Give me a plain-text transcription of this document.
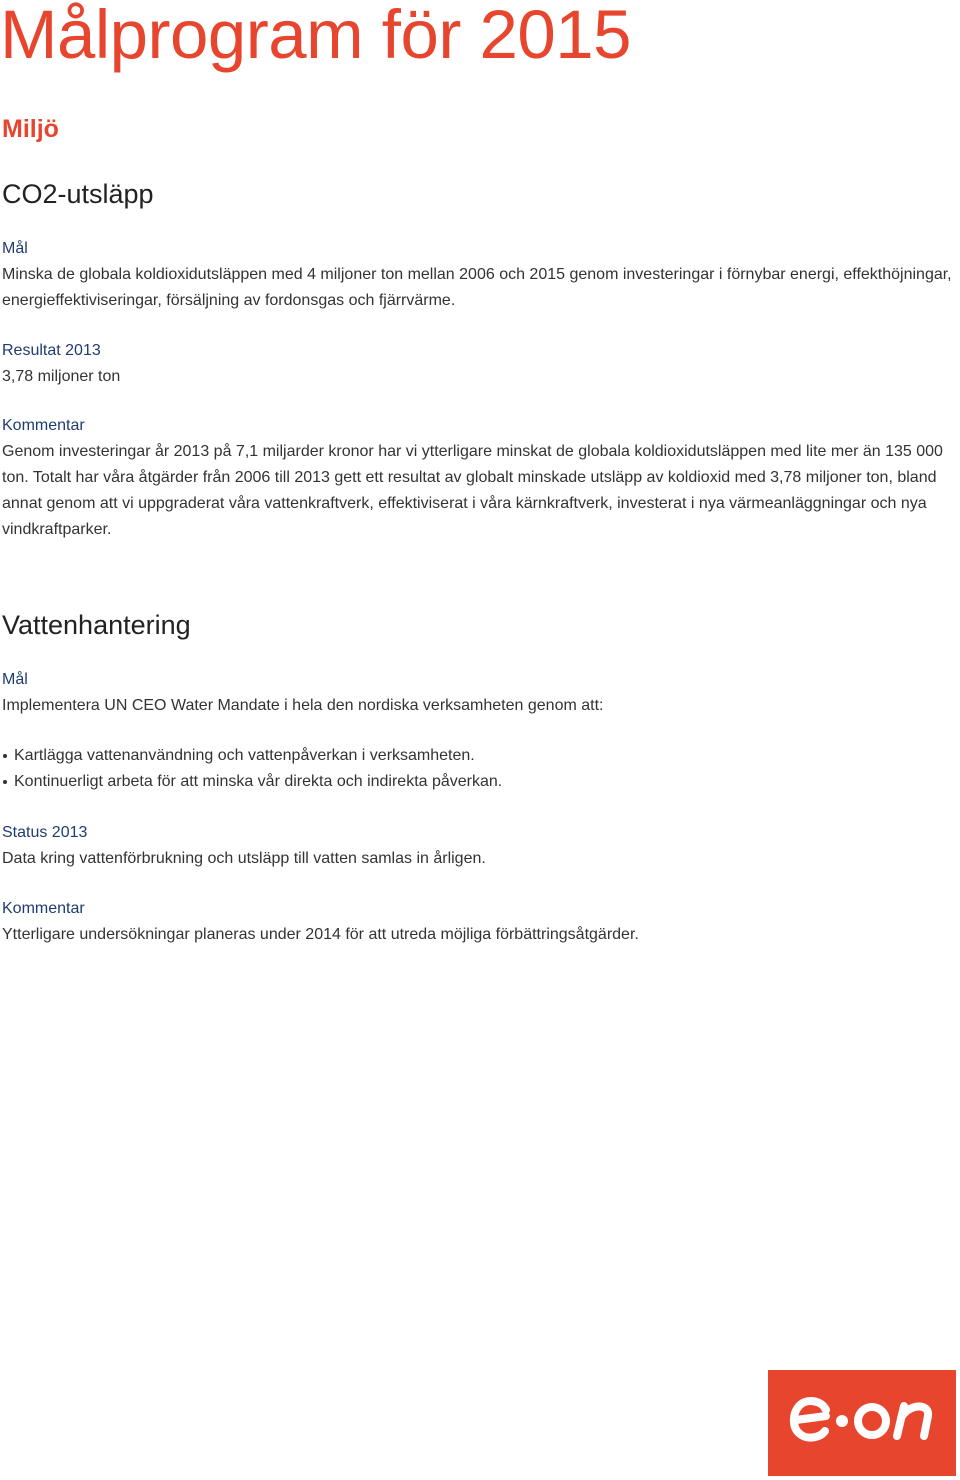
Målprogram för 2015
Miljö
CO2-utsläpp

Mål

Minska de globala koldioxidutsläppen med 4 miljoner ton mellan 2006 och 2015 genom investeringar i förnybar energi, effekthöjningar, energieffektiviseringar, försäljning av fordonsgas och fjärrvärme.

Resultat 2013

3,78 miljoner ton

Kommentar

Genom investeringar år 2013 på 7,1 miljarder kronor har vi ytterligare minskat de globala koldioxidutsläppen med lite mer än 135 000 ton. Totalt har våra åtgärder från 2006 till 2013 gett ett resultat av globalt minskade utsläpp av koldioxid med 3,78 miljoner ton, bland annat genom att vi uppgraderat våra vattenkraftverk, effektiviserat i våra kärnkraftverk, investerat i nya värmeanläggningar och nya vindkraftparker.

Vattenhantering

Mål

Implementera UN CEO Water Mandate i hela den nordiska verksamheten genom att:

Kartlägga vattenanvändning och vattenpåverkan i verksamheten.
Kontinuerligt arbeta för att minska vår direkta och indirekta påverkan.

Status 2013

Data kring vattenförbrukning och utsläpp till vatten samlas in årligen.

Kommentar

Ytterligare undersökningar planeras under 2014 för att utreda möjliga förbättringsåtgärder.
